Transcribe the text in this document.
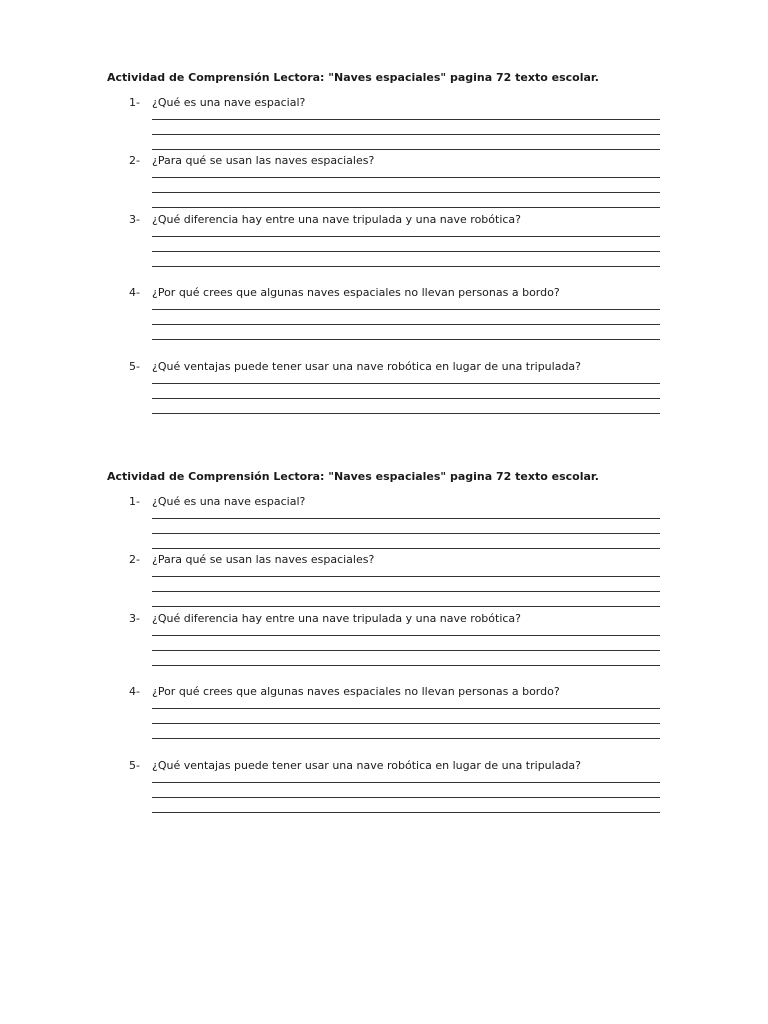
Actividad de Comprensión Lectora: "Naves espaciales" pagina 72 texto escolar.
1- ¿Qué es una nave espacial?
2- ¿Para qué se usan las naves espaciales?
3- ¿Qué diferencia hay entre una nave tripulada y una nave robótica?
4- ¿Por qué crees que algunas naves espaciales no llevan personas a bordo?
5- ¿Qué ventajas puede tener usar una nave robótica en lugar de una tripulada?
Actividad de Comprensión Lectora: "Naves espaciales" pagina 72 texto escolar.
1- ¿Qué es una nave espacial?
2- ¿Para qué se usan las naves espaciales?
3- ¿Qué diferencia hay entre una nave tripulada y una nave robótica?
4- ¿Por qué crees que algunas naves espaciales no llevan personas a bordo?
5- ¿Qué ventajas puede tener usar una nave robótica en lugar de una tripulada?
